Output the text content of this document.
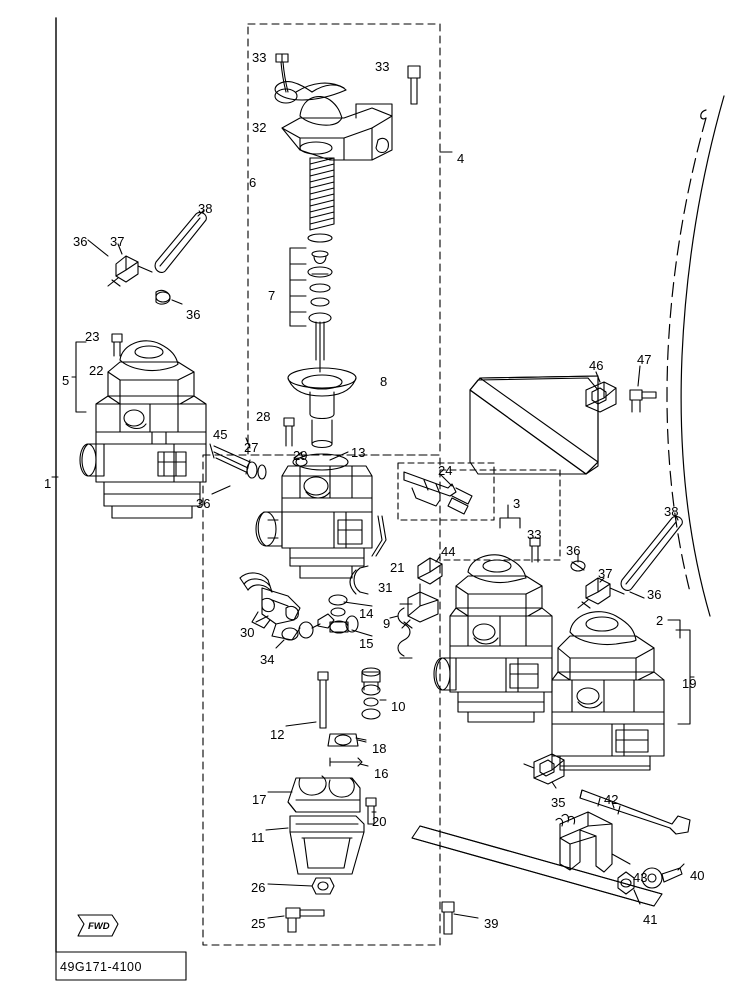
FWD
33
33
32
4
6
38
36 37
7
36
23
22
5
46	47
8
28
45
27
29	13
1
24
36	3
38
33
36
21
44
37
36
31
2
14
9
30
15
34
19
10
12
18
16
35	42
17
11
20
43	40
41
26
25	39
49G171-4100
